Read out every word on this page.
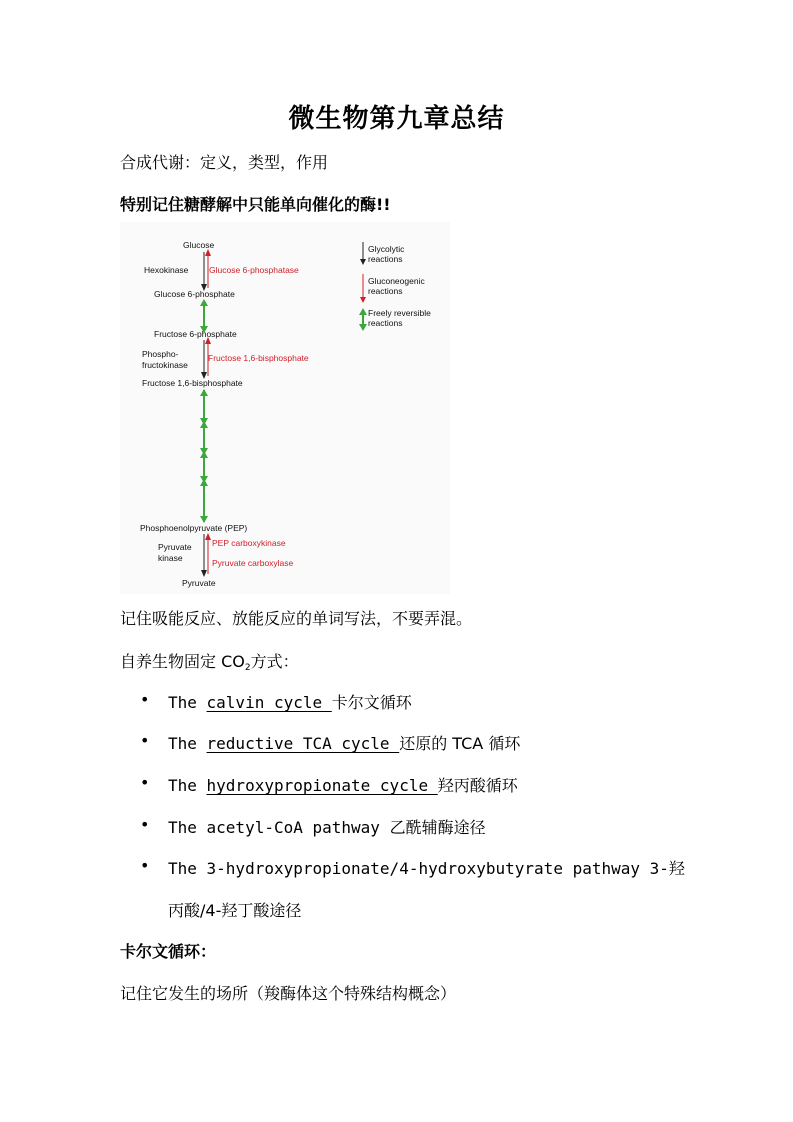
微生物第九章总结
合成代谢：定义，类型，作用
特别记住糖酵解中只能单向催化的酶!!
Glucose
Hexokinase Glucose 6-phosphatase
Glucose 6-phosphate
Fructose 6-phosphate
Phospho-
fructokinase
Fructose 1,6-bisphosphate
Fructose 1,6-bisphosphate
Phosphoenolpyruvate (PEP)
Pyruvate
kinase
PEP carboxykinase
Pyruvate carboxylase
Pyruvate
Glycolytic
reactions
Gluconeogenic
reactions
Freely reversible
reactions
记住吸能反应、放能反应的单词写法，不要弄混。
自养生物固定 $CO_2$方式：
• The calvin cycle 卡尔文循环
• The reductive TCA cycle 还原的 TCA 循环
• The hydroxypropionate cycle 羟丙酸循环
• The acetyl-CoA pathway 乙酰辅酶途径
• The 3-hydroxypropionate/4-hydroxybutyrate pathway 3-羟
丙酸/4-羟丁酸途径
卡尔文循环：
记住它发生的场所（羧酶体这个特殊结构概念）
